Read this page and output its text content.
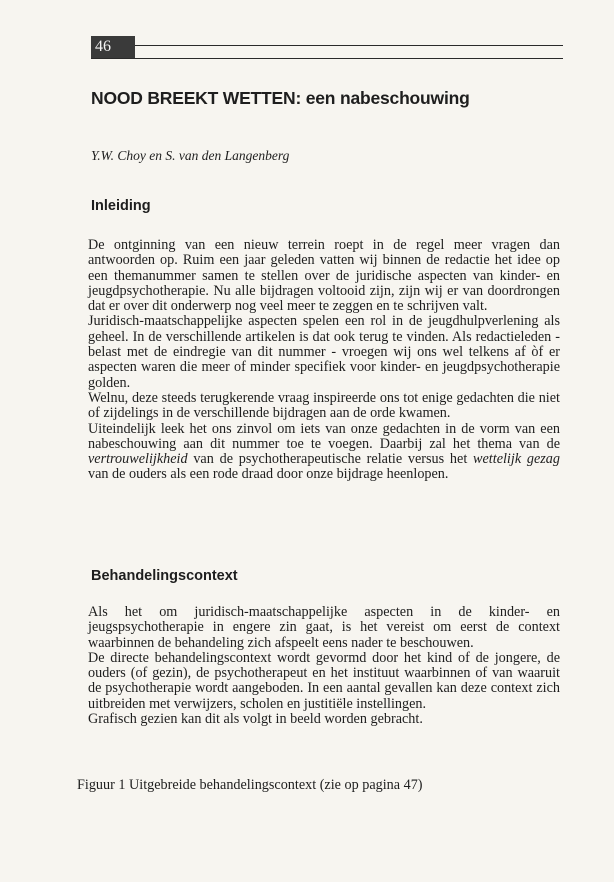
46
NOOD BREEKT WETTEN: een nabeschouwing
Y.W. Choy en S. van den Langenberg
Inleiding

De ontginning van een nieuw terrein roept in de regel meer vragen dan antwoorden op. Ruim een jaar geleden vatten wij binnen de redactie het idee op een themanummer samen te stellen over de juridische aspecten van kinder- en jeugdpsychotherapie. Nu alle bijdragen voltooid zijn, zijn wij er van doordrongen dat er over dit onderwerp nog veel meer te zeggen en te schrijven valt.

Juridisch-maatschappelijke aspecten spelen een rol in de jeugdhulpverlening als geheel. In de verschillende artikelen is dat ook terug te vinden. Als redactieleden - belast met de eindregie van dit nummer - vroegen wij ons wel telkens af òf er aspecten waren die meer of minder specifiek voor kinder- en jeugdpsychotherapie golden.

Welnu, deze steeds terugkerende vraag inspireerde ons tot enige gedachten die niet of zijdelings in de verschillende bijdragen aan de orde kwamen.

Uiteindelijk leek het ons zinvol om iets van onze gedachten in de vorm van een nabeschouwing aan dit nummer toe te voegen. Daarbij zal het thema van de vertrouwelijkheid van de psychotherapeutische relatie versus het wettelijk gezag van de ouders als een rode draad door onze bijdrage heenlopen.

Behandelingscontext

Als het om juridisch-maatschappelijke aspecten in de kinder- en jeugspsychotherapie in engere zin gaat, is het vereist om eerst de context waarbinnen de behandeling zich afspeelt eens nader te beschouwen.

De directe behandelingscontext wordt gevormd door het kind of de jongere, de ouders (of gezin), de psychotherapeut en het instituut waarbinnen of van waaruit de psychotherapie wordt aangeboden. In een aantal gevallen kan deze context zich uitbreiden met verwijzers, scholen en justitiële instellingen.

Grafisch gezien kan dit als volgt in beeld worden gebracht.

Figuur 1 Uitgebreide behandelingscontext (zie op pagina 47)
